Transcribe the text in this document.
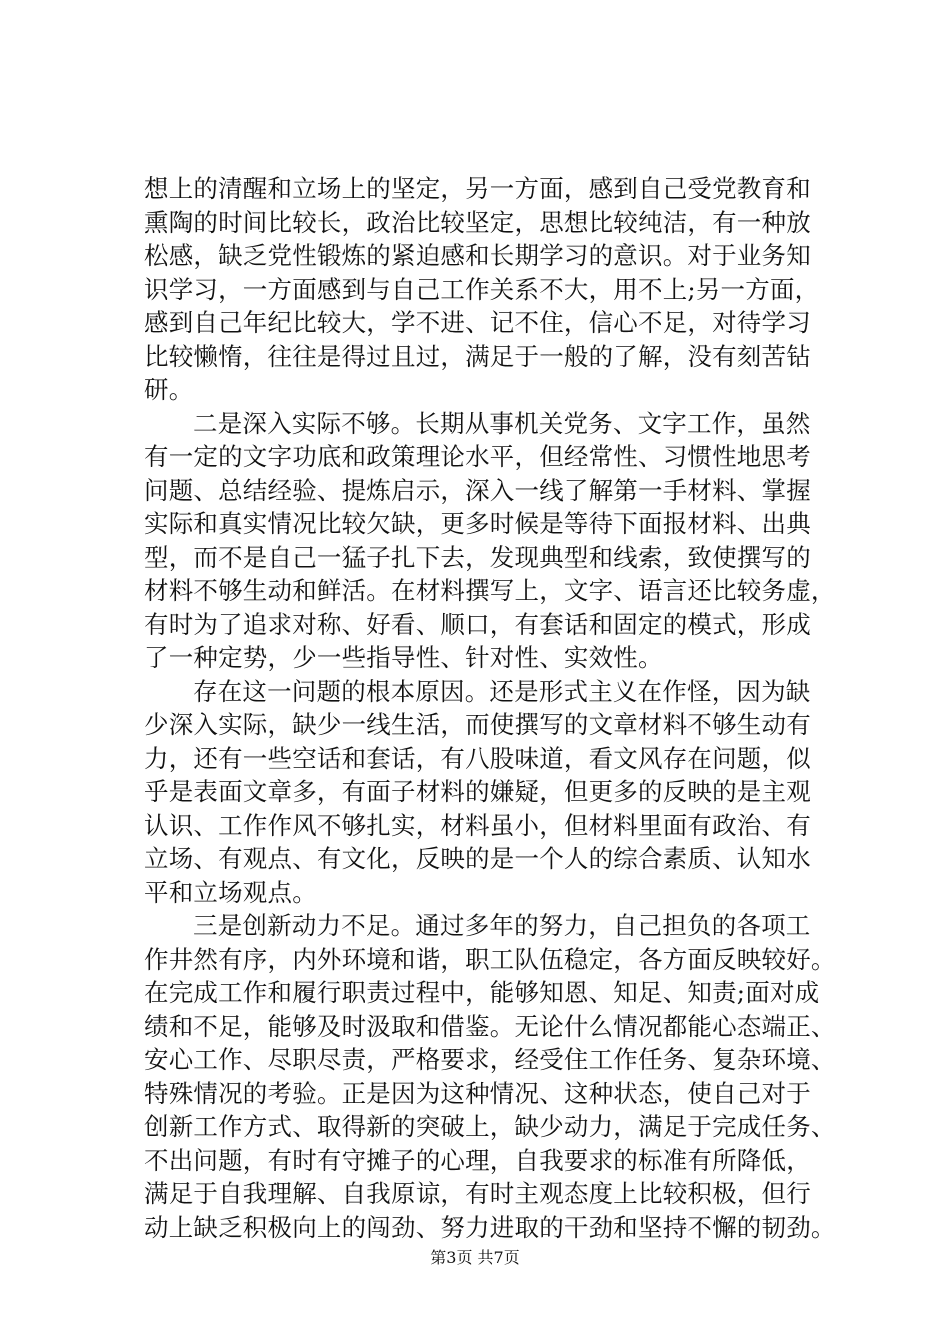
想上的清醒和立场上的坚定，另一方面，感到自己受党教育和
熏陶的时间比较长，政治比较坚定，思想比较纯洁，有一种放
松感，缺乏党性锻炼的紧迫感和长期学习的意识。对于业务知
识学习，一方面感到与自己工作关系不大，用不上;另一方面，
感到自己年纪比较大，学不进、记不住，信心不足，对待学习
比较懒惰，往往是得过且过，满足于一般的了解，没有刻苦钻
研。
二是深入实际不够。长期从事机关党务、文字工作，虽然
有一定的文字功底和政策理论水平，但经常性、习惯性地思考
问题、总结经验、提炼启示，深入一线了解第一手材料、掌握
实际和真实情况比较欠缺，更多时候是等待下面报材料、出典
型，而不是自己一猛子扎下去，发现典型和线索，致使撰写的
材料不够生动和鲜活。在材料撰写上，文字、语言还比较务虚，
有时为了追求对称、好看、顺口，有套话和固定的模式，形成
了一种定势，少一些指导性、针对性、实效性。
存在这一问题的根本原因。还是形式主义在作怪，因为缺
少深入实际，缺少一线生活，而使撰写的文章材料不够生动有
力，还有一些空话和套话，有八股味道，看文风存在问题，似
乎是表面文章多，有面子材料的嫌疑，但更多的反映的是主观
认识、工作作风不够扎实，材料虽小，但材料里面有政治、有
立场、有观点、有文化，反映的是一个人的综合素质、认知水
平和立场观点。
三是创新动力不足。通过多年的努力，自己担负的各项工
作井然有序，内外环境和谐，职工队伍稳定，各方面反映较好。
在完成工作和履行职责过程中，能够知恩、知足、知责;面对成
绩和不足，能够及时汲取和借鉴。无论什么情况都能心态端正、
安心工作、尽职尽责，严格要求，经受住工作任务、复杂环境、
特殊情况的考验。正是因为这种情况、这种状态，使自己对于
创新工作方式、取得新的突破上，缺少动力，满足于完成任务、
不出问题，有时有守摊子的心理，自我要求的标准有所降低，
满足于自我理解、自我原谅，有时主观态度上比较积极，但行
动上缺乏积极向上的闯劲、努力进取的干劲和坚持不懈的韧劲。
第3页 共7页
